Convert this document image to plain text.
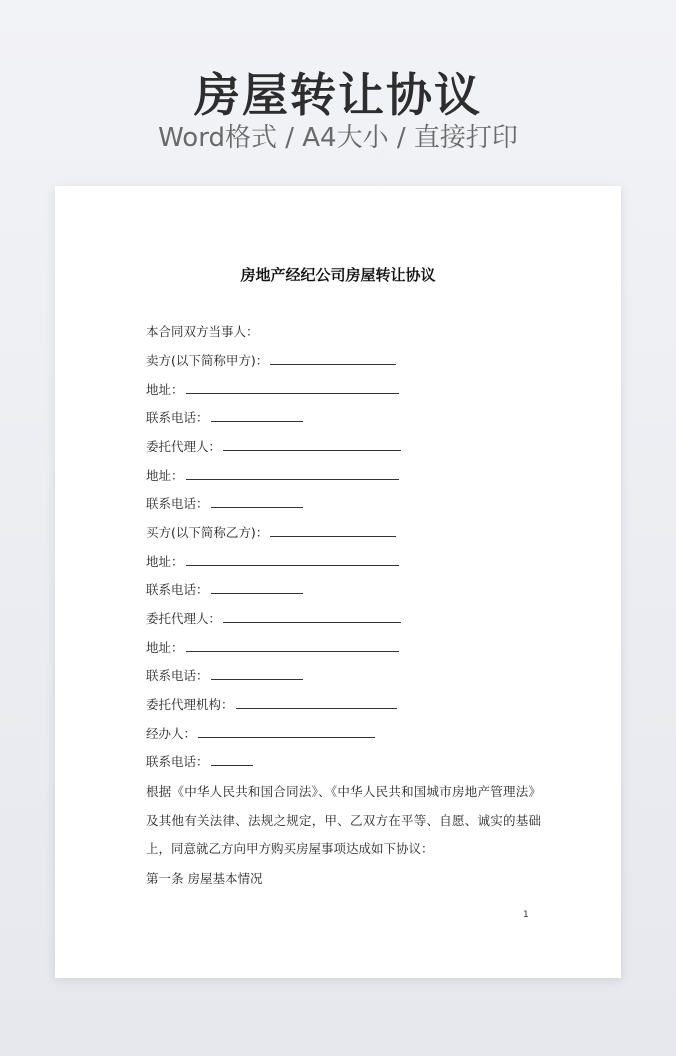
房屋转让协议
Word格式 / A4大小 / 直接打印
房地产经纪公司房屋转让协议
本合同双方当事人：
卖方(以下简称甲方)：
地址：
联系电话：
委托代理人：
地址：
联系电话：
买方(以下简称乙方)：
地址：
联系电话：
委托代理人：
地址：
联系电话：
委托代理机构：
经办人：
联系电话：
根据《中华人民共和国合同法》、《中华人民共和国城市房地产管理法》及其他有关法律、法规之规定，甲、乙双方在平等、自愿、诚实的基础上，同意就乙方向甲方购买房屋事项达成如下协议：
第一条 房屋基本情况
1
